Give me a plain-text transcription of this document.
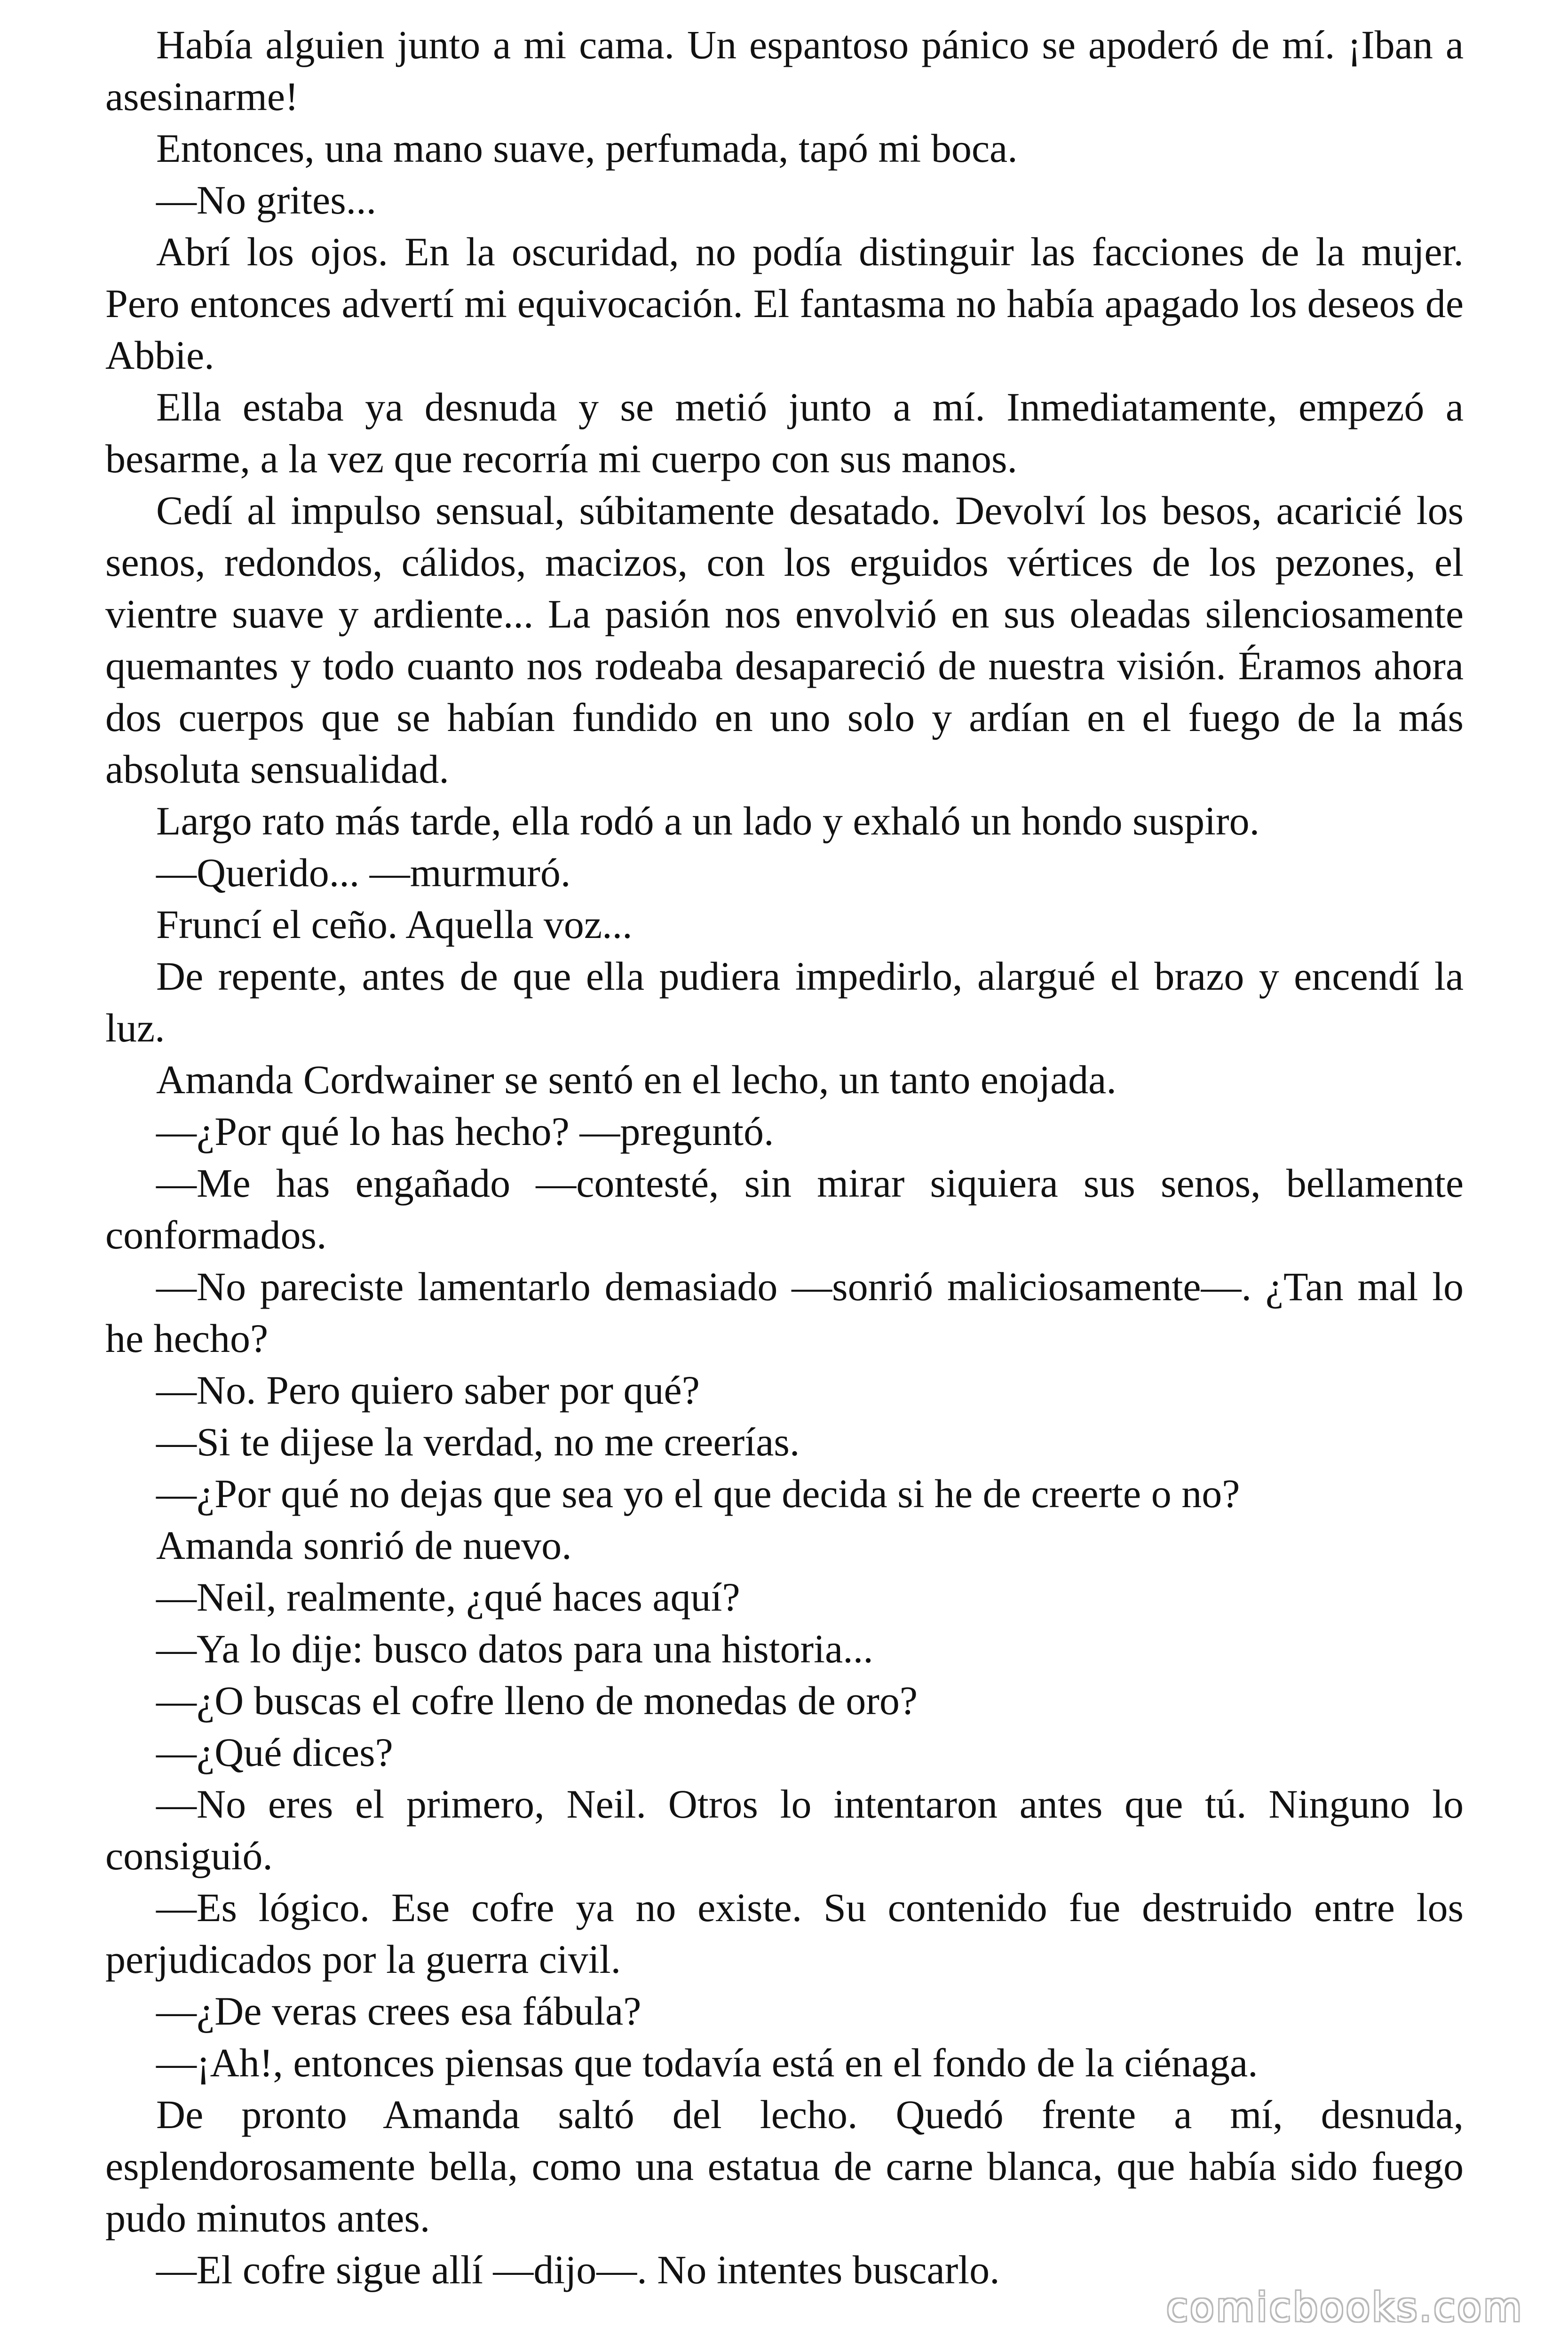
Había alguien junto a mi cama. Un espantoso pánico se apoderó de mí. ¡Iban a asesinarme!

Entonces, una mano suave, perfumada, tapó mi boca.

—No grites...

Abrí los ojos. En la oscuridad, no podía distinguir las facciones de la mujer. Pero entonces advertí mi equivocación. El fantasma no había apagado los deseos de Abbie.

Ella estaba ya desnuda y se metió junto a mí. Inmediatamente, empezó a besarme, a la vez que recorría mi cuerpo con sus manos.

Cedí al impulso sensual, súbitamente desatado. Devolví los besos, acaricié los senos, redondos, cálidos, macizos, con los erguidos vértices de los pezones, el vientre suave y ardiente... La pasión nos envolvió en sus oleadas silenciosamente quemantes y todo cuanto nos rodeaba desapareció de nuestra visión. Éramos ahora dos cuerpos que se habían fundido en uno solo y ardían en el fuego de la más absoluta sensualidad.

Largo rato más tarde, ella rodó a un lado y exhaló un hondo suspiro.

—Querido... —murmuró.

Fruncí el ceño. Aquella voz...

De repente, antes de que ella pudiera impedirlo, alargué el brazo y encendí la luz.

Amanda Cordwainer se sentó en el lecho, un tanto enojada.

—¿Por qué lo has hecho? —preguntó.

—Me has engañado —contesté, sin mirar siquiera sus senos, bellamente conformados.

—No pareciste lamentarlo demasiado —sonrió maliciosamente—. ¿Tan mal lo he hecho?

—No. Pero quiero saber por qué?

—Si te dijese la verdad, no me creerías.

—¿Por qué no dejas que sea yo el que decida si he de creerte o no?

Amanda sonrió de nuevo.

—Neil, realmente, ¿qué haces aquí?

—Ya lo dije: busco datos para una historia...

—¿O buscas el cofre lleno de monedas de oro?

—¿Qué dices?

—No eres el primero, Neil. Otros lo intentaron antes que tú. Ninguno lo consiguió.

—Es lógico. Ese cofre ya no existe. Su contenido fue destruido entre los perjudicados por la guerra civil.

—¿De veras crees esa fábula?

—¡Ah!, entonces piensas que todavía está en el fondo de la ciénaga.

De pronto Amanda saltó del lecho. Quedó frente a mí, desnuda, esplendorosamente bella, como una estatua de carne blanca, que había sido fuego pudo minutos antes.

—El cofre sigue allí —dijo—. No intentes buscarlo.

comicbooks.com
